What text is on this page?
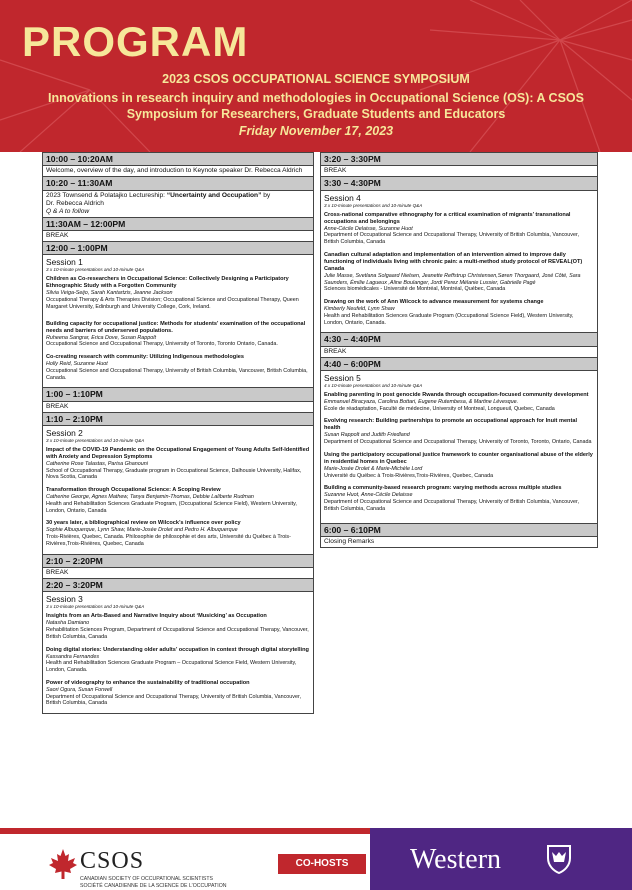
PROGRAM
2023 CSOS OCCUPATIONAL SCIENCE SYMPOSIUM
Innovations in research inquiry and methodologies in Occupational Science (OS): A CSOS Symposium for Researchers, Graduate Students and Educators
Friday November 17, 2023
10:00 – 10:20AM
Welcome, overview of the day, and introduction to Keynote speaker Dr. Rebecca Aldrich
10:20 – 11:30AM
2023 Townsend & Polatajko Lectureship: “Uncertainty and Occupation” by
Dr. Rebecca Aldrich
Q & A to follow
11:30AM – 12:00PM
BREAK
12:00 – 1:00PM
Session 1
3 x 10-minute presentations and 10-minute Q&A
Children as Co-researchers in Occupational Science: Collectively Designing a Participatory Ethnographic Study with a Forgotten Community
Silvia Veiga-Seijo, Sarah Kantartzis, Jeanne Jackson
Occupational Therapy & Arts Therapies Division; Occupational Science and Occupational Therapy, Queen Margaret University, Edinburgh and University College, Cork, Ireland.
Building capacity for occupational justice: Methods for students’ examination of the occupational needs and barriers of underserved populations.
Ruheena Sangrar, Erica Dove, Susan Rappolt
Occupational Science and Occupational Therapy, University of Toronto, Toronto Ontario, Canada.
Co-creating research with community: Utilizing Indigenous methodologies
Holly Reid, Suzanne Huot
Occupational Science and Occupational Therapy, University of British Columbia, Vancouver, British Columbia, Canada.
1:00 – 1:10PM
BREAK
1:10 – 2:10PM
Session 2
3 x 10-minute presentations and 10-minute Q&A
Impact of the COVID-19 Pandemic on the Occupational Engagement of Young Adults Self-Identified with Anxiety and Depression Symptoms
Catherine Rose Talastas, Parisa Ghanouni
School of Occupational Therapy, Graduate program in Occupational Science, Dalhousie University, Halifax, Nova Scotia, Canada
Transformation through Occupational Science: A Scoping Review
Catherine George, Agnes Mathew, Tanya Benjamin-Thomas, Debbie Laliberte Rudman
Health and Rehabilitation Sciences Graduate Program, (Occupational Science Field), Western University, London, Ontario, Canada
30 years later, a bibliographical review on Wilcock’s influence over policy
Sophie Albuquerque, Lynn Shaw, Marie-Josée Drolet and Pedro H. Albuquerque
Trois-Rivières, Quebec, Canada. Philosophie de philosophie et des arts, Université du Québec à Trois-Rivières,Trois-Rivières, Quebec, Canada
2:10 – 2:20PM
BREAK
2:20 – 3:20PM
Session 3
3 x 10-minute presentations and 10-minute Q&A
Insights from an Arts-Based and Narrative Inquiry about ‘Musicking’ as Occupation
Natasha Damiano
Rehabilitation Sciences Program, Department of Occupational Science and Occupational Therapy, Vancouver, British Columbia, Canada
Doing digital stories: Understanding older adults’ occupation in context through digital storytelling
Kassandra Fernandes
Health and Rehabilitation Sciences Graduate Program – Occupational Science Field, Western University, London, Canada.
Power of videography to enhance the sustainability of traditional occupation
Saori Ogura, Susan Forwell
Department of Occupational Science and Occupational Therapy, University of British Columbia, Vancouver, British Columbia, Canada
3:20 – 3:30PM
BREAK
3:30 – 4:30PM
Session 4
3 x 10-minute presentations and 10-minute Q&A
Cross-national comparative ethnography for a critical examination of migrants’ transnational occupations and belongings
Anne-Cécile Delaisse, Suzanne Huot
Department of Occupational Science and Occupational Therapy, University of British Columbia, Vancouver, British Columbia, Canada
Canadian cultural adaptation and implementation of an intervention aimed to improve daily functioning of individuals living with chronic pain: a multi-method study protocol of REVEAL(OT) Canada
Julie Masse, Svetlana Solgaard Nielsen, Jeanette Reffstrup Christensen,Søren Thorgaard, José Côté, Sara Saunders, Émilie Lagueux ,Aline Boulanger, Jordi Perez Mélanie Lussier, Gabrielle Pagé
Sciences biomédicales - Université de Montréal, Montréal, Québec, Canada
Drawing on the work of Ann Wilcock to advance measurement for systems change
Kimberly Neufeld, Lynn Shaw
Health and Rehabilitation Sciences Graduate Program (Occupational Science Field), Western University, London, Ontario, Canada.
4:30 – 4:40PM
BREAK
4:40 – 6:00PM
Session 5
4 x 10-minute presentations and 10-minute Q&A
Enabling parenting in post genocide Rwanda through occupation-focused community development
Emmanuel Biracyaza, Carolina Bottari, Eugene Rutembesa, & Martine Lévesque.
École de réadaptation, Faculté de médecine, University of Montreal, Longueuil, Quebec, Canada
Evolving research: Building partnerships to promote an occupational approach for Inuit mental health
Susan Rappolt and Judith Friedland
Department of Occupational Science and Occupational Therapy, University of Toronto, Toronto, Ontario, Canada
Using the participatory occupational justice framework to counter organisational abuse of the elderly in residential homes in Quebec
Marie-Josée Drolet & Marie-Michèle Lord
Université du Québec à Trois-Rivières,Trois-Rivières, Quebec, Canada
Building a community-based research program: varying methods across multiple studies
Suzanne Huot, Anne-Cécile Delaisse
Department of Occupational Science and Occupational Therapy, University of British Columbia, Vancouver, British Columbia, Canada
6:00 – 6:10PM
Closing Remarks
CSOS
CANADIAN SOCIETY OF OCCUPATIONAL SCIENTISTS
SOCIÉTÉ CANADIENNE DE LA SCIENCE DE L’OCCUPATION
CO-HOSTS	Western
